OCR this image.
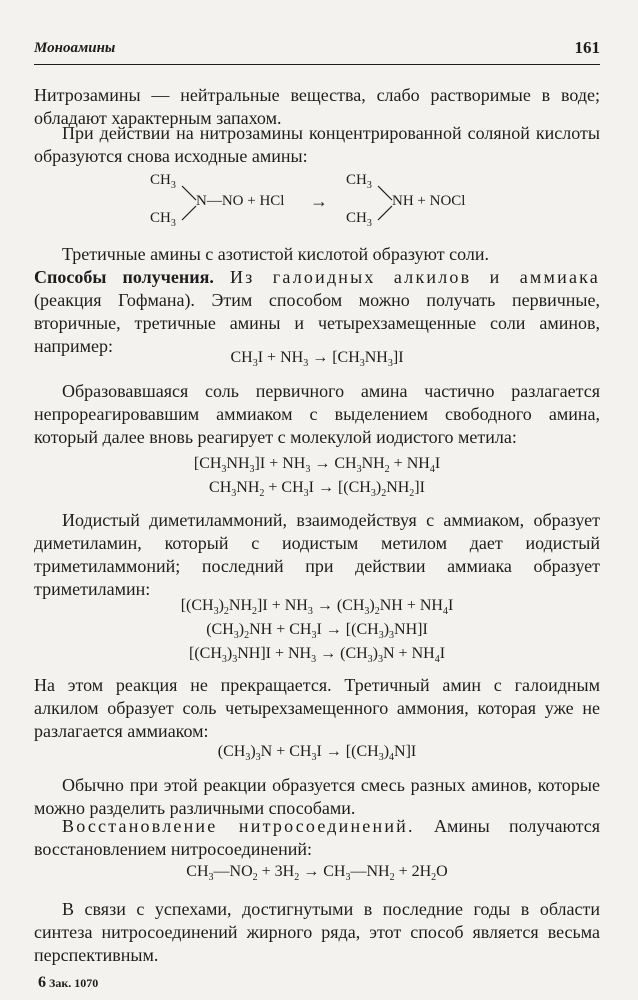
Моноамины	161

Нитрозамины — нейтральные вещества, слабо растворимые в воде; обладают характерным запахом.

При действии на нитрозамины концентрированной соляной кислоты образуются снова исходные амины:

$CH_3$
$CH_3$
N—NO + HCl →
$CH_3$
$CH_3$
NH + NOCl

Третичные амины с азотистой кислотой образуют соли.

Способы получения. Из галоидных алкилов и аммиака (реакция Гофмана). Этим способом можно получать первичные, вторичные, третичные амины и четырехзамещенные соли аминов, например:

$CH_3I + NH_3 \to [CH_3NH_3]I$

Образовавшаяся соль первичного амина частично разлагается непрореагировавшим аммиаком с выделением свободного амина, который далее вновь реагирует с молекулой иодистого метила:

$[CH_3NH_3]I + NH_3 \to CH_3NH_2 + NH_4I$
$CH_3NH_2 + CH_3I \to [(CH_3)_2NH_2]I$

Иодистый диметиламмоний, взаимодействуя с аммиаком, образует диметиламин, который с иодистым метилом дает иодистый триметиламмоний; последний при действии аммиака образует триметиламин:

$[(CH_3)_2NH_2]I + NH_3 \to (CH_3)_2NH + NH_4I$
$(CH_3)_2NH + CH_3I \to [(CH_3)_3NH]I$
$[(CH_3)_3NH]I + NH_3 \to (CH_3)_3N + NH_4I$

На этом реакция не прекращается. Третичный амин с галоидным алкилом образует соль четырехзамещенного аммония, которая уже не разлагается аммиаком:

$(CH_3)_3N + CH_3I \to [(CH_3)_4N]I$

Обычно при этой реакции образуется смесь разных аминов, которые можно разделить различными способами.

Восстановление нитросоединений. Амины получаются восстановлением нитросоединений:

$CH_3—NO_2 + 3H_2$ → $CH_3—NH_2 + 2H_2O$

В связи с успехами, достигнутыми в последние годы в области синтеза нитросоединений жирного ряда, этот способ является весьма перспективным.

6 Зак. 1070
